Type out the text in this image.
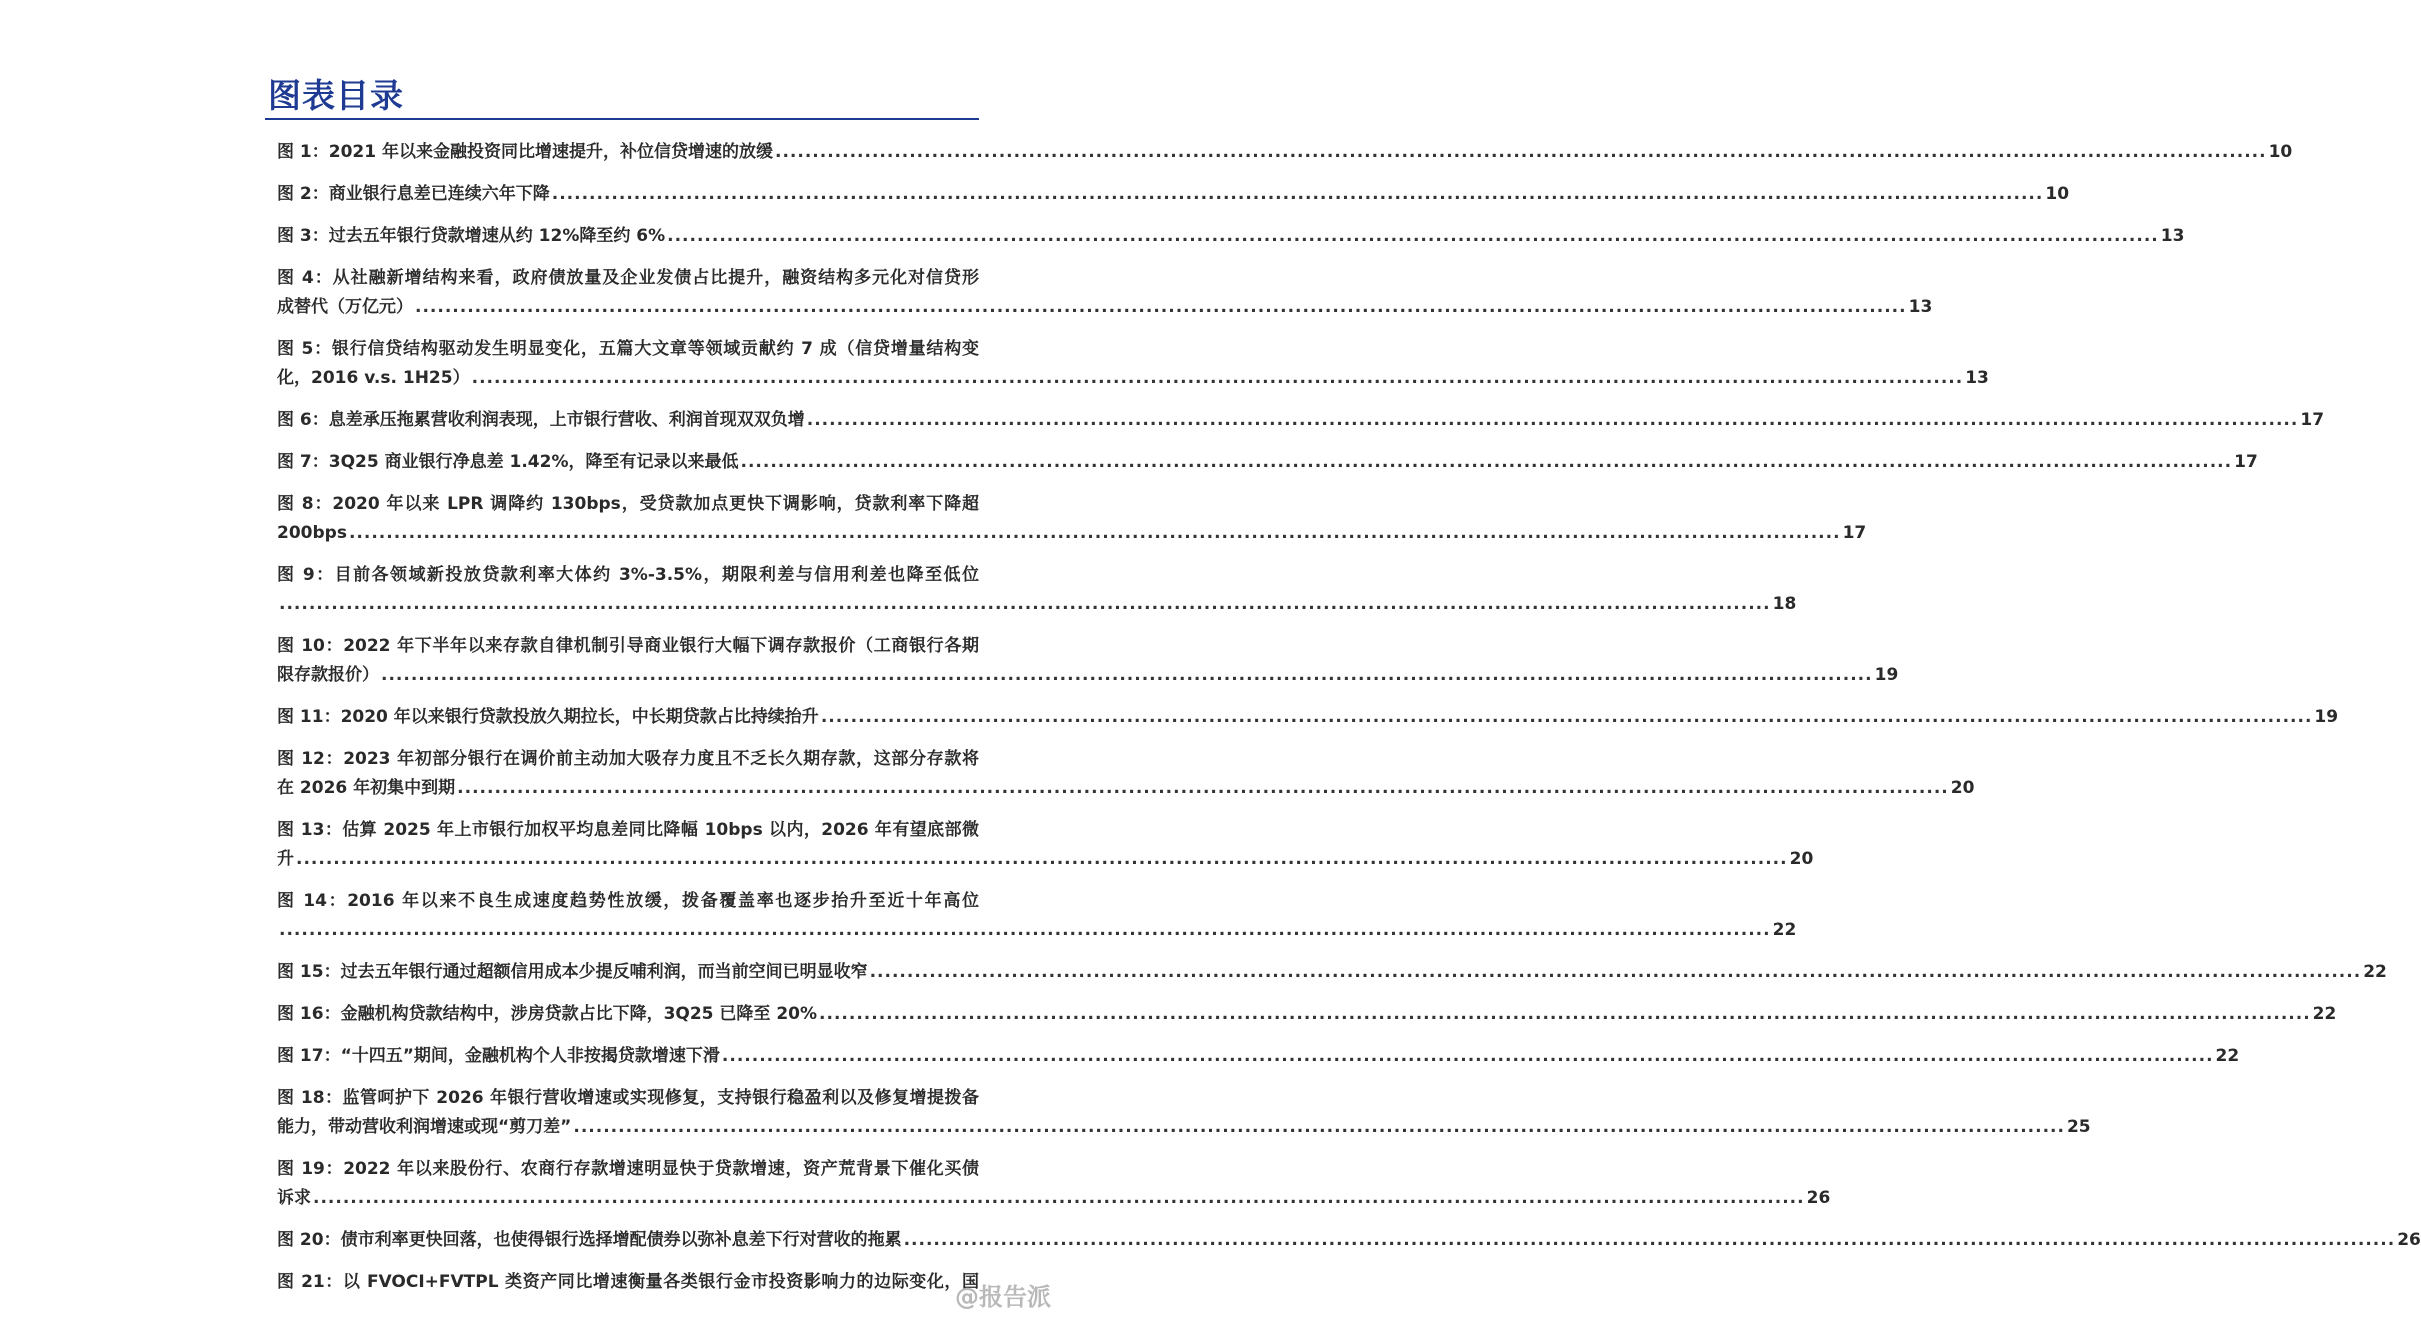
图表目录
图 1：2021 年以来金融投资同比增速提升，补位信贷增速的放缓 ........................................................................................................................................................................................................ 10
图 2：商业银行息差已连续六年下降 ........................................................................................................................................................................................................ 10
图 3：过去五年银行贷款增速从约 12%降至约 6% ........................................................................................................................................................................................................ 13
图 4：从社融新增结构来看，政府债放量及企业发债占比提升，融资结构多元化对信贷形
成替代（万亿元） ........................................................................................................................................................................................................ 13
图 5：银行信贷结构驱动发生明显变化，五篇大文章等领域贡献约 7 成（信贷增量结构变
化，2016 v.s. 1H25） ........................................................................................................................................................................................................ 13
图 6：息差承压拖累营收利润表现，上市银行营收、利润首现双双负增 ........................................................................................................................................................................................................ 17
图 7：3Q25 商业银行净息差 1.42%，降至有记录以来最低 ........................................................................................................................................................................................................ 17
图 8：2020 年以来 LPR 调降约 130bps，受贷款加点更快下调影响，贷款利率下降超
200bps ........................................................................................................................................................................................................ 17
图 9：目前各领域新投放贷款利率大体约 3%-3.5%，期限利差与信用利差也降至低位
........................................................................................................................................................................................................ 18
图 10：2022 年下半年以来存款自律机制引导商业银行大幅下调存款报价（工商银行各期
限存款报价） ........................................................................................................................................................................................................ 19
图 11：2020 年以来银行贷款投放久期拉长，中长期贷款占比持续抬升 ........................................................................................................................................................................................................ 19
图 12：2023 年初部分银行在调价前主动加大吸存力度且不乏长久期存款，这部分存款将
在 2026 年初集中到期 ........................................................................................................................................................................................................ 20
图 13：估算 2025 年上市银行加权平均息差同比降幅 10bps 以内，2026 年有望底部微
升 ........................................................................................................................................................................................................ 20
图 14：2016 年以来不良生成速度趋势性放缓，拨备覆盖率也逐步抬升至近十年高位
........................................................................................................................................................................................................ 22
图 15：过去五年银行通过超额信用成本少提反哺利润，而当前空间已明显收窄 ........................................................................................................................................................................................................ 22
图 16：金融机构贷款结构中，涉房贷款占比下降，3Q25 已降至 20% ........................................................................................................................................................................................................ 22
图 17：“十四五”期间，金融机构个人非按揭贷款增速下滑 ........................................................................................................................................................................................................ 22
图 18：监管呵护下 2026 年银行营收增速或实现修复，支持银行稳盈利以及修复增提拨备
能力，带动营收利润增速或现“剪刀差” ........................................................................................................................................................................................................ 25
图 19：2022 年以来股份行、农商行存款增速明显快于贷款增速，资产荒背景下催化买债
诉求 ........................................................................................................................................................................................................ 26
图 20：债市利率更快回落，也使得银行选择增配债券以弥补息差下行对营收的拖累 ........................................................................................................................................................................................................ 26
图 21：以 FVOCI+FVTPL 类资产同比增速衡量各类银行金市投资影响力的边际变化，国
@报告派
